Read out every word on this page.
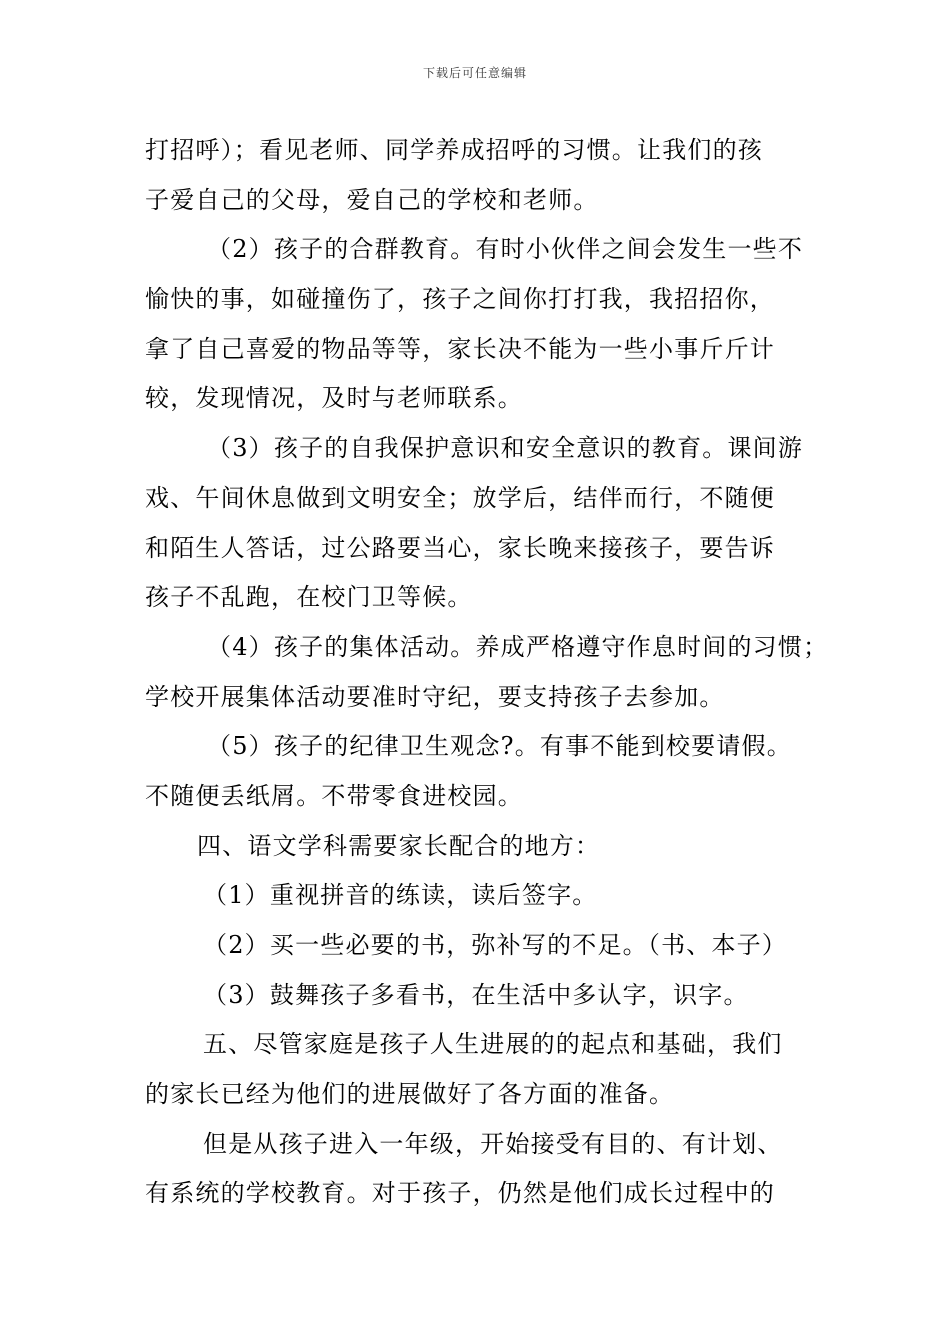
下载后可任意编辑
打招呼）；看见老师、同学养成招呼的习惯。让我们的孩
子爱自己的父母，爱自己的学校和老师。
（2）孩子的合群教育。有时小伙伴之间会发生一些不
愉快的事，如碰撞伤了，孩子之间你打打我，我招招你，
拿了自己喜爱的物品等等，家长决不能为一些小事斤斤计
较，发现情况，及时与老师联系。
（3）孩子的自我保护意识和安全意识的教育。课间游
戏、午间休息做到文明安全；放学后，结伴而行，不随便
和陌生人答话，过公路要当心，家长晚来接孩子，要告诉
孩子不乱跑，在校门卫等候。
（4）孩子的集体活动。养成严格遵守作息时间的习惯；
学校开展集体活动要准时守纪，要支持孩子去参加。
（5）孩子的纪律卫生观念?。有事不能到校要请假。
不随便丢纸屑。不带零食进校园。
四、语文学科需要家长配合的地方：
（1）重视拼音的练读，读后签字。
（2）买一些必要的书，弥补写的不足。（书、本子）
（3）鼓舞孩子多看书，在生活中多认字，识字。
五、尽管家庭是孩子人生进展的的起点和基础，我们
的家长已经为他们的进展做好了各方面的准备。
但是从孩子进入一年级，开始接受有目的、有计划、
有系统的学校教育。对于孩子，仍然是他们成长过程中的
